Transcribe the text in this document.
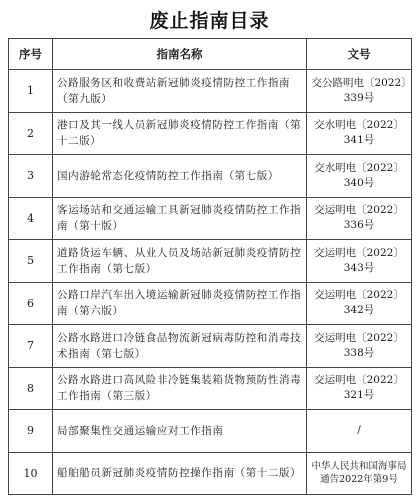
废止指南目录
序号	指南名称	文号
1	公路服务区和收费站新冠肺炎疫情防控工作指南（第九版）	交公路明电〔2022〕339号
2	港口及其一线人员新冠肺炎疫情防控工作指南（第十二版）	交水明电〔2022〕341号
3	国内游轮常态化疫情防控工作指南（第七版）	交水明电〔2022〕340号
4	客运场站和交通运输工具新冠肺炎疫情防控工作指南（第十版）	交运明电〔2022〕336号
5	道路货运车辆、从业人员及场站新冠肺炎疫情防控工作指南（第七版）	交运明电〔2022〕343号
6	公路口岸汽车出入境运输新冠肺炎疫情防控工作指南（第六版）	交运明电〔2022〕342号
7	公路水路进口冷链食品物流新冠病毒防控和消毒技术指南（第七版）	交运明电〔2022〕338号
8	公路水路进口高风险非冷链集装箱货物预防性消毒工作指南（第三版）	交运明电〔2022〕321号
9	局部聚集性交通运输应对工作指南	/
10	船舶船员新冠肺炎疫情防控操作指南（第十二版）	中华人民共和国海事局通告2022年第9号
